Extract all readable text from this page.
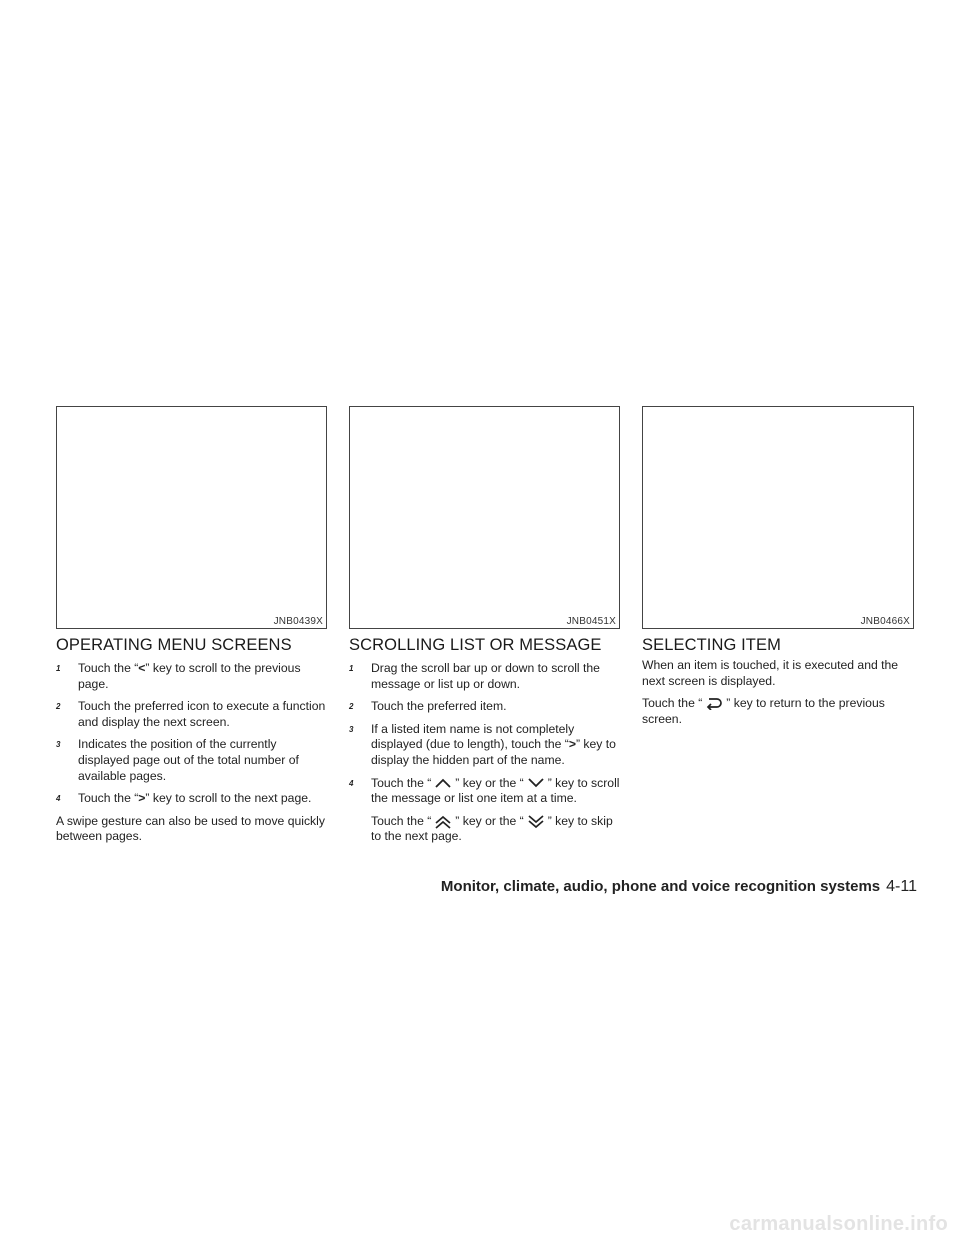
JNB0439X
OPERATING MENU SCREENS
$^1$ Touch the “<” key to scroll to the previous page.
$^2$ Touch the preferred icon to execute a function and display the next screen.
$^3$ Indicates the position of the currently displayed page out of the total number of available pages.
$^4$ Touch the “>” key to scroll to the next page.

A swipe gesture can also be used to move quickly between pages.

JNB0451X
SCROLLING LIST OR MESSAGE
$^1$ Drag the scroll bar up or down to scroll the message or list up or down.
$^2$ Touch the preferred item.
$^3$ If a listed item name is not completely displayed (due to length), touch the “>” key to display the hidden part of the name.
$^4$ Touch the “ ” key or the “ ” key to scroll the message or list one item at a time.

Touch the “ ” key or the “ ” key to skip to the next page.

JNB0466X
SELECTING ITEM

When an item is touched, it is executed and the next screen is displayed.

Touch the “ ” key to return to the previous screen.

Monitor, climate, audio, phone and voice recognition systems 4-11
carmanualsonline.info
